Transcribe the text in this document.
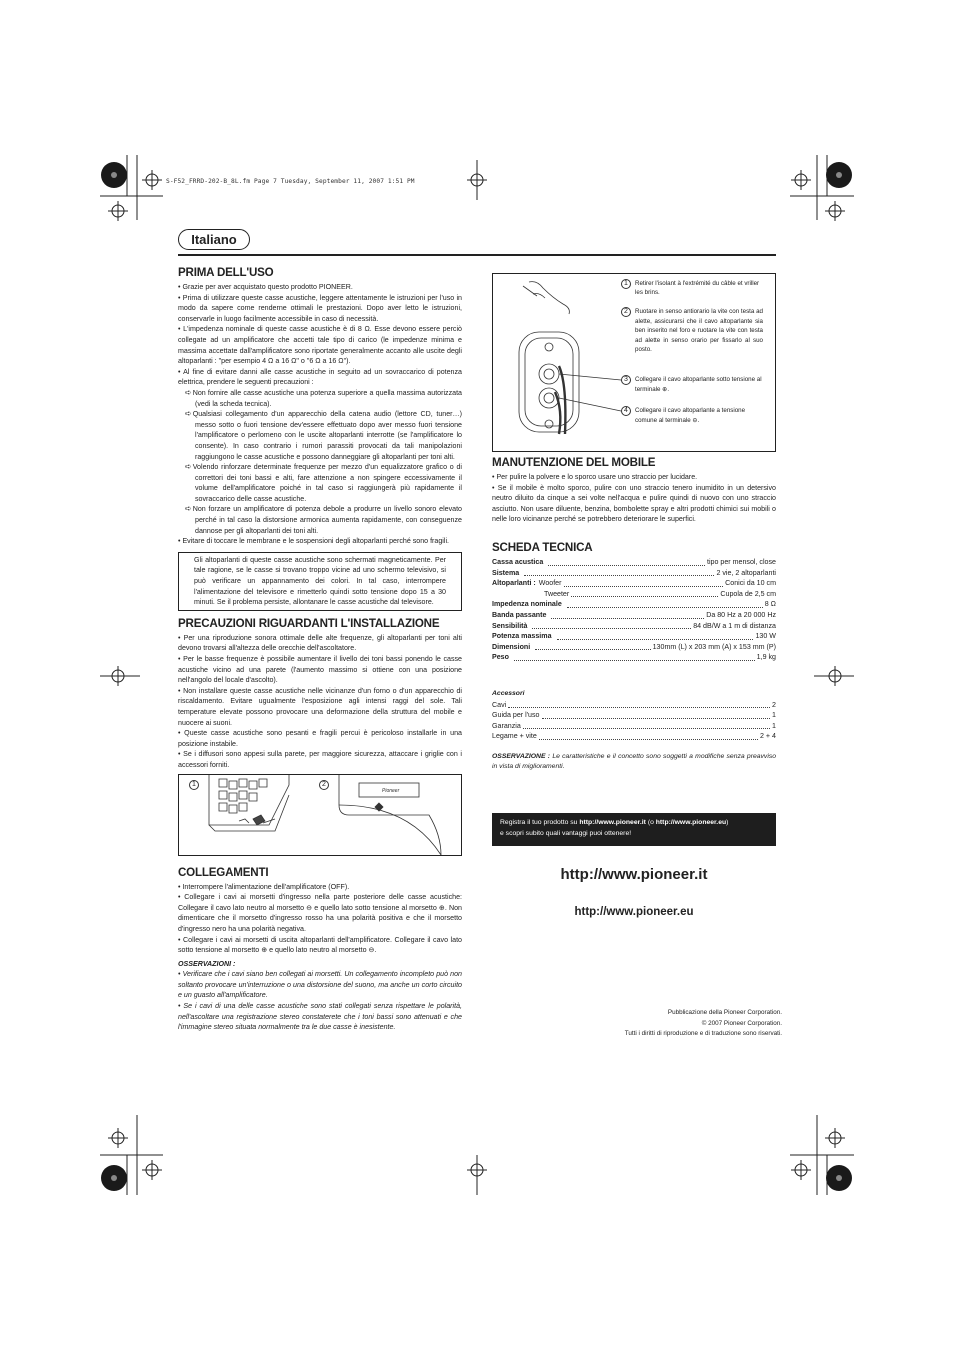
S-F52_FRRD-202-B_8L.fm Page 7 Tuesday, September 11, 2007 1:51 PM
Italiano
PRIMA DELL'USO

• Grazie per aver acquistato questo prodotto PIONEER.

• Prima di utilizzare queste casse acustiche, leggere attentamente le istruzioni per l'uso in modo da sapere come renderne ottimali le prestazioni. Dopo aver letto le istruzioni, conservarle in luogo facilmente accessibile in caso di necessità.

• L'impedenza nominale di queste casse acustiche è di 8 Ω. Esse devono essere perciò collegate ad un amplificatore che accetti tale tipo di carico (le impedenze minima e massima accettate dall'amplificatore sono riportate generalmente accanto alle uscite degli altoparlanti : "per esempio 4 Ω a 16 Ω" o "6 Ω a 16 Ω").

• Al fine di evitare danni alle casse acustiche in seguito ad un sovraccarico di potenza elettrica, prendere le seguenti precauzioni :

➪Non fornire alle casse acustiche una potenza superiore a quella massima autorizzata (vedi la scheda tecnica).

➪Qualsiasi collegamento d'un apparecchio della catena audio (lettore CD, tuner…) messo sotto o fuori tensione dev'essere effettuato dopo aver messo fuori tensione l'amplificatore o perlomeno con le uscite altoparlanti interrotte (se l'amplificatore lo consente). In caso contrario i rumori parassiti provocati da tali manipolazioni raggiungono le casse acustiche e possono danneggiare gli altoparlanti per toni alti.

➪Volendo rinforzare determinate frequenze per mezzo d'un equalizzatore grafico o di correttori dei toni bassi e alti, fare attenzione a non spingere eccessivamente il volume dell'amplificatore poiché in tal caso si raggiungerà più rapidamente il sovraccarico delle casse acustiche.

➪Non forzare un amplificatore di potenza debole a produrre un livello sonoro elevato perché in tal caso la distorsione armonica aumenta rapidamente, con conseguenze dannose per gli altoparlanti dei toni alti.

• Evitare di toccare le membrane e le sospensioni degli altoparlanti perché sono fragili.

Gli altoparlanti di queste casse acustiche sono schermati magneticamente. Per tale ragione, se le casse si trovano troppo vicine ad uno schermo televisivo, si può verificare un appannamento dei colori. In tal caso, interrompere l'alimentazione del televisore e rimetterlo quindi sotto tensione dopo 15 a 30 minuti. Se il problema persiste, allontanare le casse acustiche dal televisore.
PRECAUZIONI RIGUARDANTI L'INSTALLAZIONE

• Per una riproduzione sonora ottimale delle alte frequenze, gli altoparlanti per toni alti devono trovarsi all'altezza delle orecchie dell'ascoltatore.

• Per le basse frequenze è possibile aumentare il livello dei toni bassi ponendo le casse acustiche vicino ad una parete (l'aumento massimo si ottiene con una posizione nell'angolo del locale d'ascolto).

• Non installare queste casse acustiche nelle vicinanze d'un forno o d'un apparecchio di riscaldamento. Evitare ugualmente l'esposizione agli intensi raggi del sole. Tali temperature elevate possono provocare una deformazione della struttura del mobile e nuocere ai suoni.

• Queste casse acustiche sono pesanti e fragili percui è pericoloso installarle in una posizione instabile.

• Se i diffusori sono appesi sulla parete, per maggiore sicurezza, attaccare i griglie con i accessori forniti.

1	2
Pioneer
COLLEGAMENTI

• Interrompere l'alimentazione dell'amplificatore (OFF).

• Collegare i cavi ai morsetti d'ingresso nella parte posteriore delle casse acustiche: Collegare il cavo lato neutro al morsetto ⊖ e quello lato sotto tensione al morsetto ⊕. Non dimenticare che il morsetto d'ingresso rosso ha una polarità positiva e che il morsetto d'ingresso nero ha una polarità negativa.

• Collegare i cavi ai morsetti di uscita altoparlanti dell'amplificatore. Collegare il cavo lato sotto tensione al morsetto ⊕ e quello lato neutro al morsetto ⊖.

OSSERVAZIONI :

• Verificare che i cavi siano ben collegati ai morsetti. Un collegamento incompleto può non soltanto provocare un'interruzione o una distorsione del suono, ma anche un corto circuito e un guasto all'amplificatore.

• Se i cavi di una delle casse acustiche sono stati collegati senza rispettare le polarità, nell'ascoltare una registrazione stereo constaterete che i toni bassi sono attenuati e che l'immagine stereo situata normalmente tra le due casse è inesistente.

1	Retirer l'isolant à l'extrémité du câble et vriller les brins.
2	Ruotare in senso antiorario la vite con testa ad alette, assicurarsi che il cavo altoparlante sia ben inserito nel foro e ruotare la vite con testa ad alette in senso orario per fissarlo al suo posto.
3	Collegare il cavo altoparlante sotto tensione al terminale ⊕.
4	Collegare il cavo altoparlante a tensione comune al terminale ⊖.
MANUTENZIONE DEL MOBILE

• Per pulire la polvere e lo sporco usare uno straccio per lucidare.

• Se il mobile è molto sporco, pulire con uno straccio tenero inumidito in un detersivo neutro diluito da cinque a sei volte nell'acqua e pulire quindi di nuovo con uno straccio asciutto. Non usare diluente, benzina, bombolette spray e altri prodotti chimici sui mobili o nelle loro vicinanze perché se potrebbero deteriorare le superfici.

SCHEDA TECNICA
Cassa acustica	tipo per mensol, close
Sistema	2 vie, 2 altoparlanti
Altoparlanti : Woofer	Conici da 10 cm
Tweeter	Cupola de 2,5 cm
Impedenza nominale	8 Ω
Banda passante	Da 80 Hz a 20 000 Hz
Sensibilità	84 dB/W a 1 m di distanza
Potenza massima	130 W
Dimensioni	130mm (L) x 203 mm (A) x 153 mm (P)
Peso	1,9 kg

Accessori

Cavi	2
Guida per l'uso	1
Garanzia	1
Legame + vite	2 + 4

OSSERVAZIONE : Le caratteristiche e il concetto sono soggetti a modifiche senza preavviso in vista di miglioramenti.

Registra il tuo prodotto su http://www.pioneer.it (o http://www.pioneer.eu)
e scopri subito quali vantaggi puoi ottenere!
http://www.pioneer.it
http://www.pioneer.eu
Pubblicazione della Pioneer Corporation.
© 2007 Pioneer Corporation.
Tutti i diritti di riproduzione e di traduzione sono riservati.
